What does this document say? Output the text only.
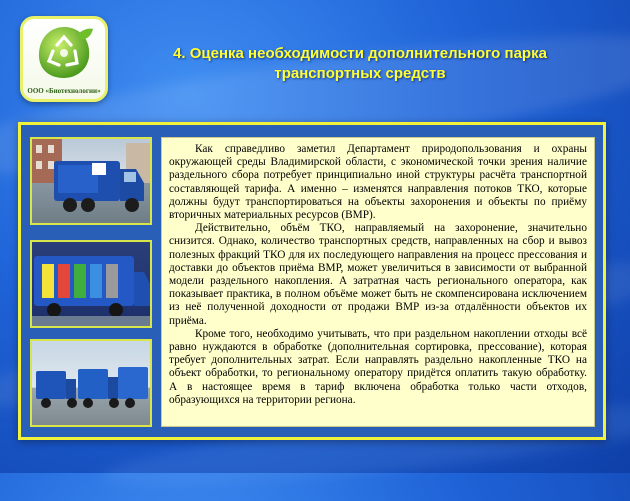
ООО «Биотехнологии»
4. Оценка необходимости дополнительного парка
транспортных средств

Как справедливо заметил Департамент природопользования и охраны окружающей среды Владимирской области, с экономической точки зрения наличие раздельного сбора потребует принципиально иной структуры расчёта транспортной составляющей тарифа. А именно – изменятся направления потоков ТКО, которые должны будут транспортироваться на объекты захоронения и объекты по приёму вторичных материальных ресурсов (ВМР).

Действительно, объём ТКО, направляемый на захоронение, значительно снизится. Однако, количество транспортных средств, направленных на сбор и вывоз полезных фракций ТКО для их последующего направления на процесс прессования и доставки до объектов приёма ВМР, может увеличиться в зависимости от выбранной модели раздельного накопления. А затратная часть регионального оператора, как показывает практика, в полном объёме может быть не скомпенсирована исключением из неё полученной доходности от продажи ВМР из-за отдалённости объектов их приёма.

Кроме того, необходимо учитывать, что при раздельном накоплении отходы всё равно нуждаются в обработке (дополнительная сортировка, прессование), которая требует дополнительных затрат. Если направлять раздельно накопленные ТКО на объект обработки, то региональному оператору придётся оплатить такую обработку. А в настоящее время в тариф включена обработка только части отходов, образующихся на территории региона.
